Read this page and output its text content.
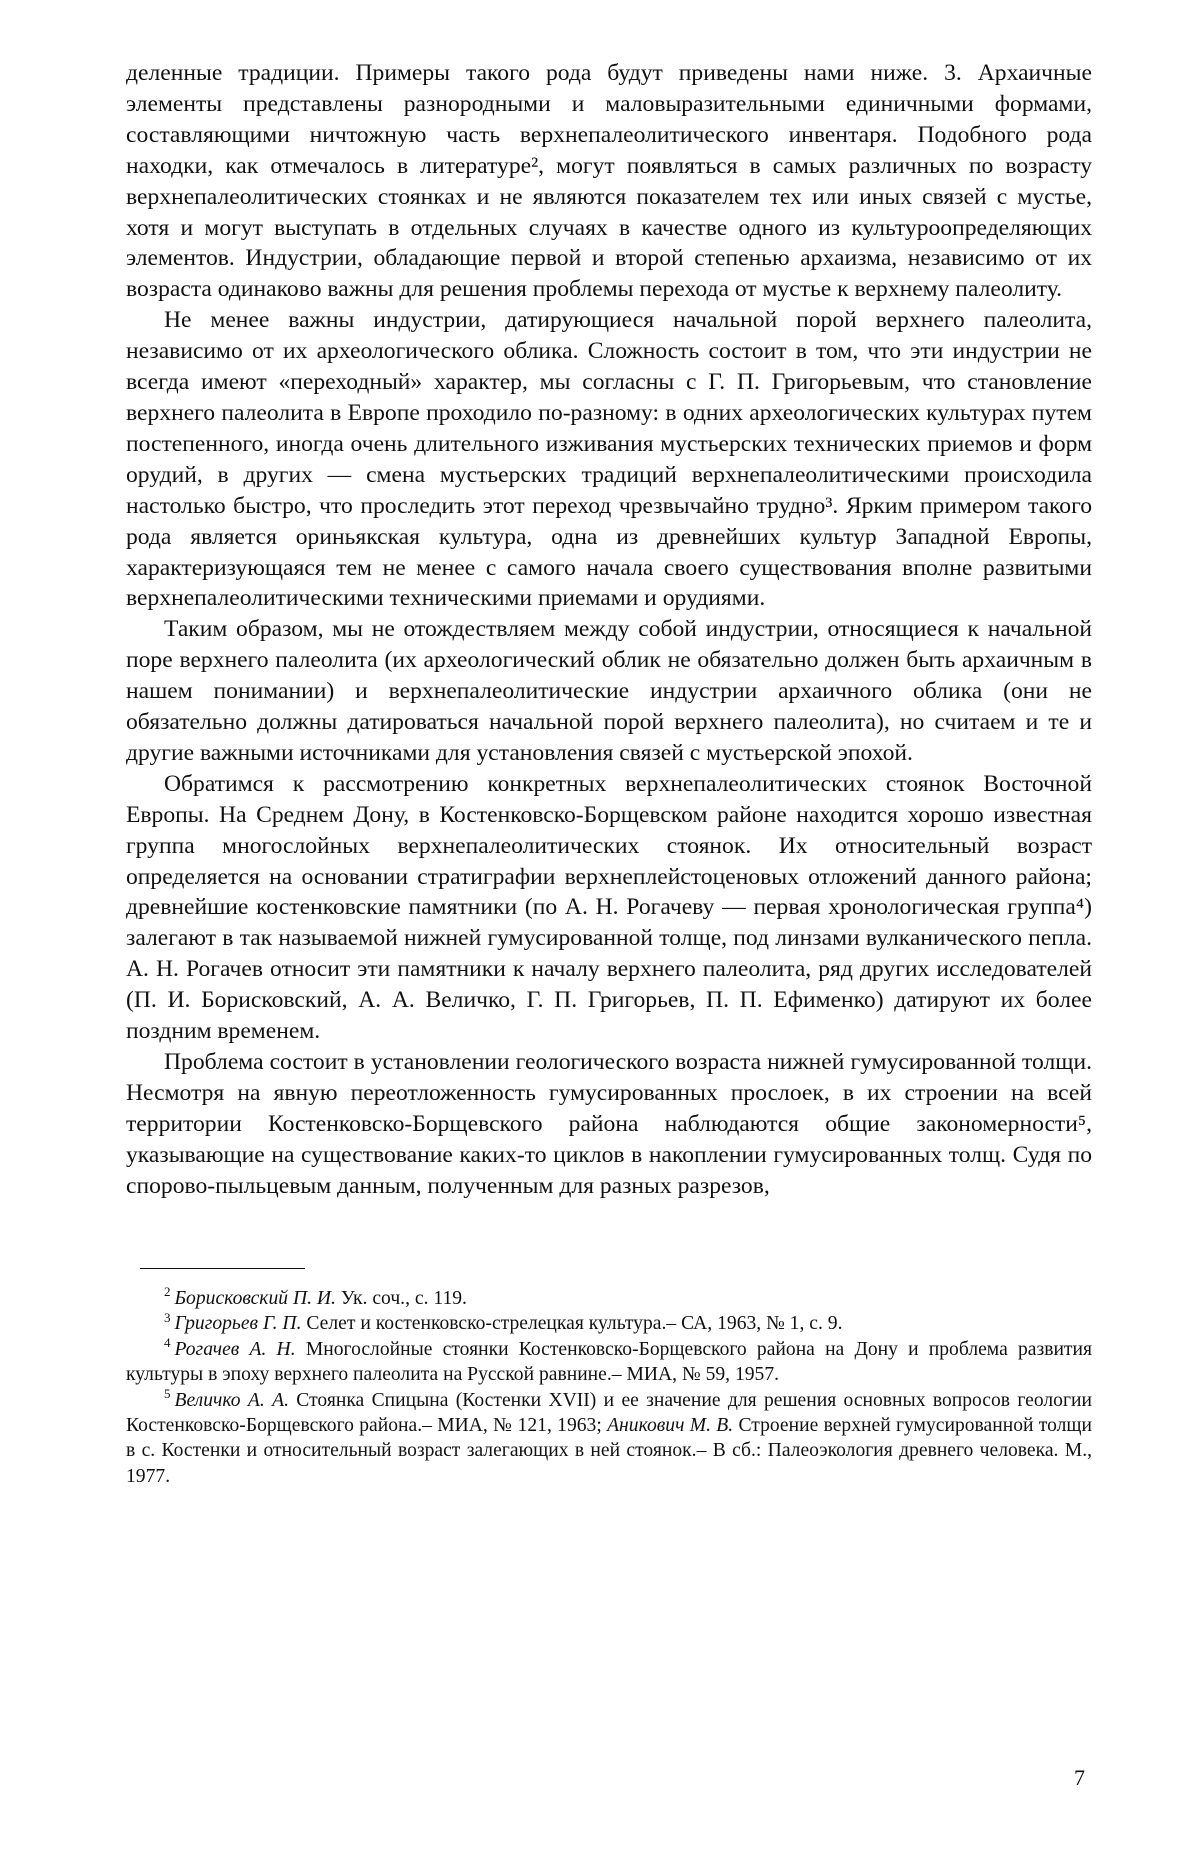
деленные традиции. Примеры такого рода будут приведены нами ниже. 3. Архаичные элементы представлены разнородными и маловыразительными единичными формами, составляющими ничтожную часть верхнепалеолитического инвентаря. Подобного рода находки, как отмечалось в литературе², могут появляться в самых различных по возрасту верхнепалеолитических стоянках и не являются показателем тех или иных связей с мустье, хотя и могут выступать в отдельных случаях в качестве одного из культуроопределяющих элементов. Индустрии, обладающие первой и второй степенью архаизма, независимо от их возраста одинаково важны для решения проблемы перехода от мустье к верхнему палеолиту.

Не менее важны индустрии, датирующиеся начальной порой верхнего палеолита, независимо от их археологического облика. Сложность состоит в том, что эти индустрии не всегда имеют «переходный» характер, мы согласны с Г. П. Григорьевым, что становление верхнего палеолита в Европе проходило по-разному: в одних археологических культурах путем постепенного, иногда очень длительного изживания мустьерских технических приемов и форм орудий, в других — смена мустьерских традиций верхнепалеолитическими происходила настолько быстро, что проследить этот переход чрезвычайно трудно³. Ярким примером такого рода является ориньякская культура, одна из древнейших культур Западной Европы, характеризующаяся тем не менее с самого начала своего существования вполне развитыми верхнепалеолитическими техническими приемами и орудиями.

Таким образом, мы не отождествляем между собой индустрии, относящиеся к начальной поре верхнего палеолита (их археологический облик не обязательно должен быть архаичным в нашем понимании) и верхнепалеолитические индустрии архаичного облика (они не обязательно должны датироваться начальной порой верхнего палеолита), но считаем и те и другие важными источниками для установления связей с мустьерской эпохой.

Обратимся к рассмотрению конкретных верхнепалеолитических стоянок Восточной Европы. На Среднем Дону, в Костенковско-Борщевском районе находится хорошо известная группа многослойных верхнепалеолитических стоянок. Их относительный возраст определяется на основании стратиграфии верхнеплейстоценовых отложений данного района; древнейшие костенковские памятники (по А. Н. Рогачеву — первая хронологическая группа⁴) залегают в так называемой нижней гумусированной толще, под линзами вулканического пепла. А. Н. Рогачев относит эти памятники к началу верхнего палеолита, ряд других исследователей (П. И. Борисковский, А. А. Величко, Г. П. Григорьев, П. П. Ефименко) датируют их более поздним временем.

Проблема состоит в установлении геологического возраста нижней гумусированной толщи. Несмотря на явную переотложенность гумусированных прослоек, в их строении на всей территории Костенковско-Борщевского района наблюдаются общие закономерности⁵, указывающие на существование каких-то циклов в накоплении гумусированных толщ. Судя по спорово-пыльцевым данным, полученным для разных разрезов,

$^2$ Борисковский П. И. Ук. соч., с. 119.

$^3$ Григорьев Г. П. Селет и костенковско-стрелецкая культура.– СА, 1963, № 1, с. 9.

$^4$ Рогачев А. Н. Многослойные стоянки Костенковско-Борщевского района на Дону и проблема развития культуры в эпоху верхнего палеолита на Русской равнине.– МИА, № 59, 1957.

$^5$ Величко А. А. Стоянка Спицына (Костенки XVII) и ее значение для решения основных вопросов геологии Костенковско-Борщевского района.– МИА, № 121, 1963; Аникович М. В. Строение верхней гумусированной толщи в с. Костенки и относительный возраст залегающих в ней стоянок.– В сб.: Палеоэкология древнего человека. М., 1977.

7
